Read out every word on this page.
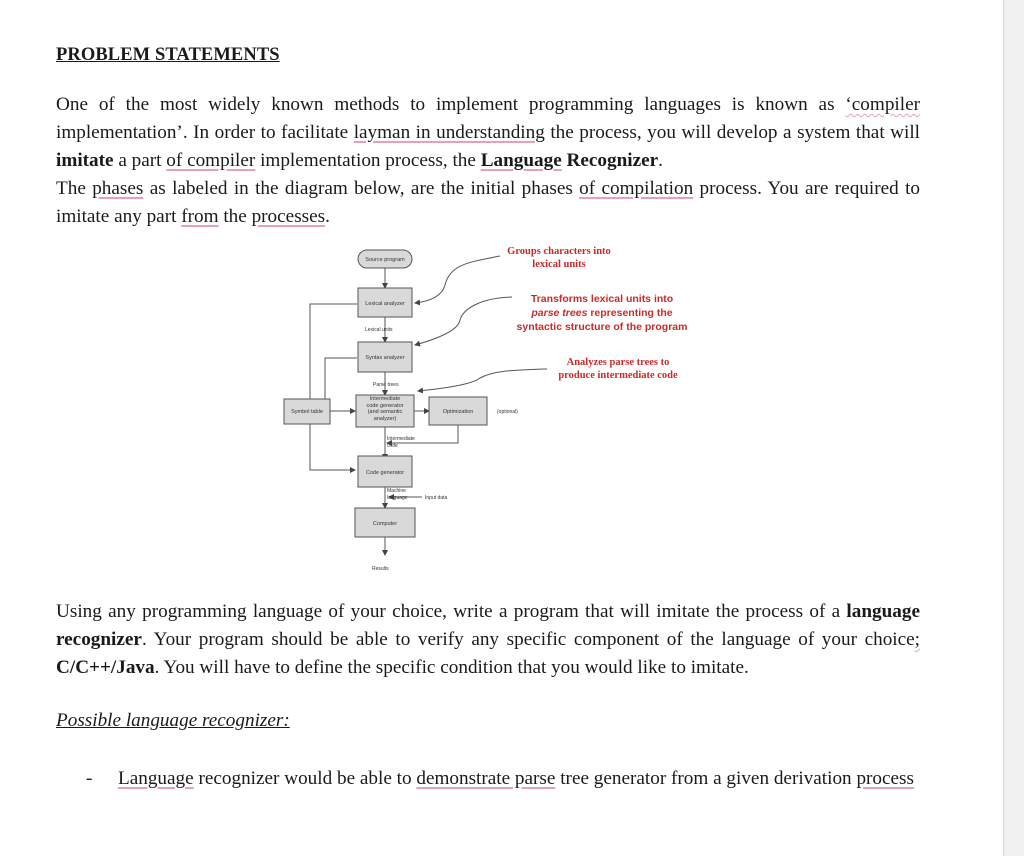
PROBLEM STATEMENTS

One of the most widely known methods to implement programming languages is known as ‘compiler implementation’. In order to facilitate layman in understanding the process, you will develop a system that will imitate a part of compiler implementation process, the Language Recognizer.
The phases as labeled in the diagram below, are the initial phases of compilation process. You are required to imitate any part from the processes.

Source program
Lexical analyzer
Syntax analyzer
Symbol table	Optimization
Code generator
Computer
Intermediate code generator (and semantic analyzer)
Lexical units
Parse trees
Results
(optional)
Input data
Intermediate code
Machine language
Groups characters into lexical units
Transforms lexical units into
parse trees representing the
syntactic structure of the program
Analyzes parse trees to produce intermediate code

Using any programming language of your choice, write a program that will imitate the process of a language recognizer. Your program should be able to verify any specific component of the language of your choice; C/C++/Java. You will have to define the specific condition that you would like to imitate.

Possible language recognizer:

- Language recognizer would be able to demonstrate parse tree generator from a given derivation process
